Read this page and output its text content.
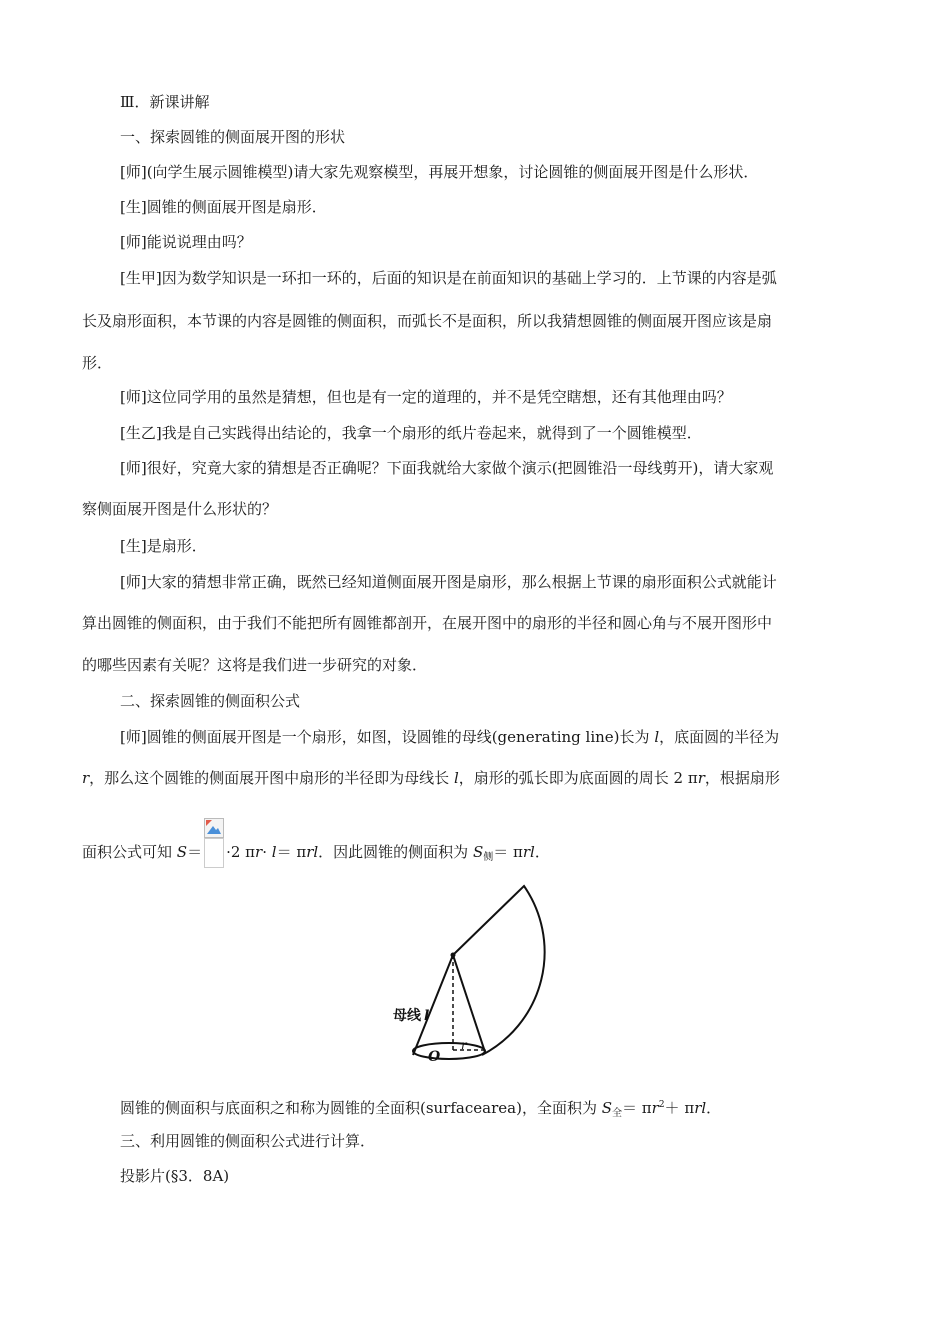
Ⅲ．新课讲解
一、探索圆锥的侧面展开图的形状
[师](向学生展示圆锥模型)请大家先观察模型，再展开想象，讨论圆锥的侧面展开图是什么形状．
[生]圆锥的侧面展开图是扇形．
[师]能说说理由吗？
[生甲]因为数学知识是一环扣一环的，后面的知识是在前面知识的基础上学习的．上节课的内容是弧
长及扇形面积，本节课的内容是圆锥的侧面积，而弧长不是面积，所以我猜想圆锥的侧面展开图应该是扇
形．
[师]这位同学用的虽然是猜想，但也是有一定的道理的，并不是凭空瞎想，还有其他理由吗？
[生乙]我是自己实践得出结论的，我拿一个扇形的纸片卷起来，就得到了一个圆锥模型．
[师]很好，究竟大家的猜想是否正确呢？下面我就给大家做个演示(把圆锥沿一母线剪开)，请大家观
察侧面展开图是什么形状的？
[生]是扇形．
[师]大家的猜想非常正确，既然已经知道侧面展开图是扇形，那么根据上节课的扇形面积公式就能计
算出圆锥的侧面积，由于我们不能把所有圆锥都剖开，在展开图中的扇形的半径和圆心角与不展开图形中
的哪些因素有关呢？这将是我们进一步研究的对象．
二、探索圆锥的侧面积公式
[师]圆锥的侧面展开图是一个扇形，如图，设圆锥的母线(generating line)长为 l，底面圆的半径为
r，那么这个圆锥的侧面展开图中扇形的半径即为母线长 l，扇形的弧长即为底面圆的周长 2 πr，根据扇形
面积公式可知 S＝ ·2 πr· l＝ πrl．因此圆锥的侧面积为 $S_侧= \pi rl$．
母线 l
O
r
圆锥的侧面积与底面积之和称为圆锥的全面积(surfacearea)，全面积为 $S_全= \pi r^2+ \pi rl$．
三、利用圆锥的侧面积公式进行计算．
投影片(§3．8A)
